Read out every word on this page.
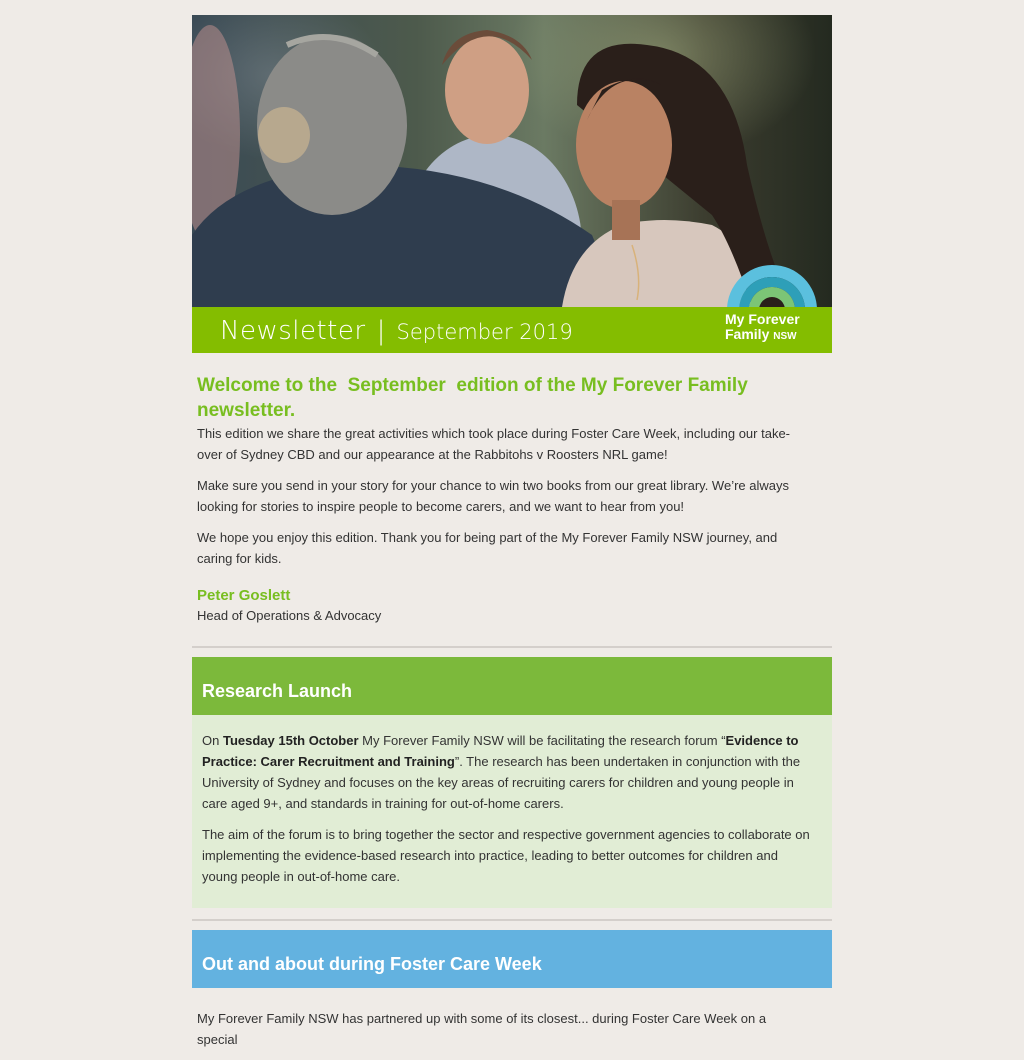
Newsletter | September 2019
My Forever
Family NSW
Welcome to the  September  edition of the My Forever Family newsletter.

This edition we share the great activities which took place during Foster Care Week, including our take-over of Sydney CBD and our appearance at the Rabbitohs v Roosters NRL game!

Make sure you send in your story for your chance to win two books from our great library. We’re always looking for stories to inspire people to become carers, and we want to hear from you!

We hope you enjoy this edition. Thank you for being part of the My Forever Family NSW journey, and caring for kids.

Peter Goslett

Head of Operations & Advocacy

Research Launch

On Tuesday 15th October My Forever Family NSW will be facilitating the research forum “Evidence to Practice: Carer Recruitment and Training”. The research has been undertaken in conjunction with the University of Sydney and focuses on the key areas of recruiting carers for children and young people in care aged 9+, and standards in training for out-of-home carers.

The aim of the forum is to bring together the sector and respective government agencies to collaborate on implementing the evidence-based research into practice, leading to better outcomes for children and young people in out-of-home care.

Out and about during Foster Care Week

My Forever Family NSW has partnered up with some of its closest... during Foster Care Week on a special
